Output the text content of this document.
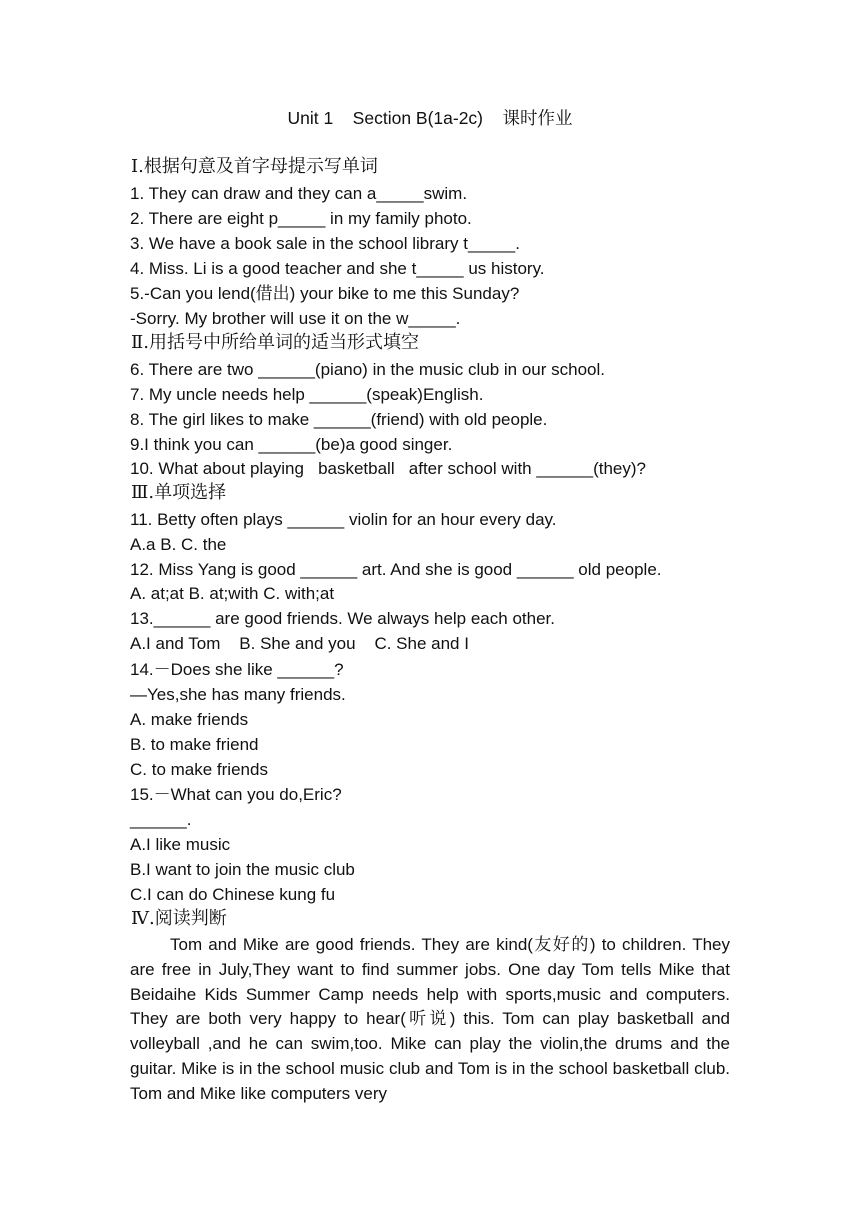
Unit 1    Section B(1a-2c)    课时作业
Ⅰ.根据句意及首字母提示写单词
1. They can draw and they can a_____swim.
2. There are eight p_____ in my family photo.
3. We have a book sale in the school library t_____.
4. Miss. Li is a good teacher and she t_____ us history.
5.-Can you lend(借出) your bike to me this Sunday?
-Sorry. My brother will use it on the w_____.
Ⅱ.用括号中所给单词的适当形式填空
6. There are two ______(piano) in the music club in our school.
7. My uncle needs help ______(speak)English.
8. The girl likes to make ______(friend) with old people.
9.I think you can ______(be)a good singer.
10. What about playing   basketball   after school with ______(they)?
Ⅲ.单项选择
11. Betty often plays ______ violin for an hour every day.
A.a B. C. the
12. Miss Yang is good ______ art. And she is good ______ old people.
A. at;at B. at;with C. with;at
13.______ are good friends. We always help each other.
A.I and Tom    B. She and you    C. She and I
14.－Does she like ______?
—Yes,she has many friends.
A. make friends
B. to make friend
C. to make friends
15.－What can you do,Eric?
______.
A.I like music
B.I want to join the music club
C.I can do Chinese kung fu
Ⅳ.阅读判断

Tom and Mike are good friends. They are kind(友好的) to children. They are free in July,They want to find summer jobs. One day Tom tells Mike that Beidaihe Kids Summer Camp needs help with sports,music and computers. They are both very happy to hear(听说) this. Tom can play basketball and volleyball ,and he can swim,too. Mike can play the violin,the drums and the guitar. Mike is in the school music club and Tom is in the school basketball club. Tom and Mike like computers very
